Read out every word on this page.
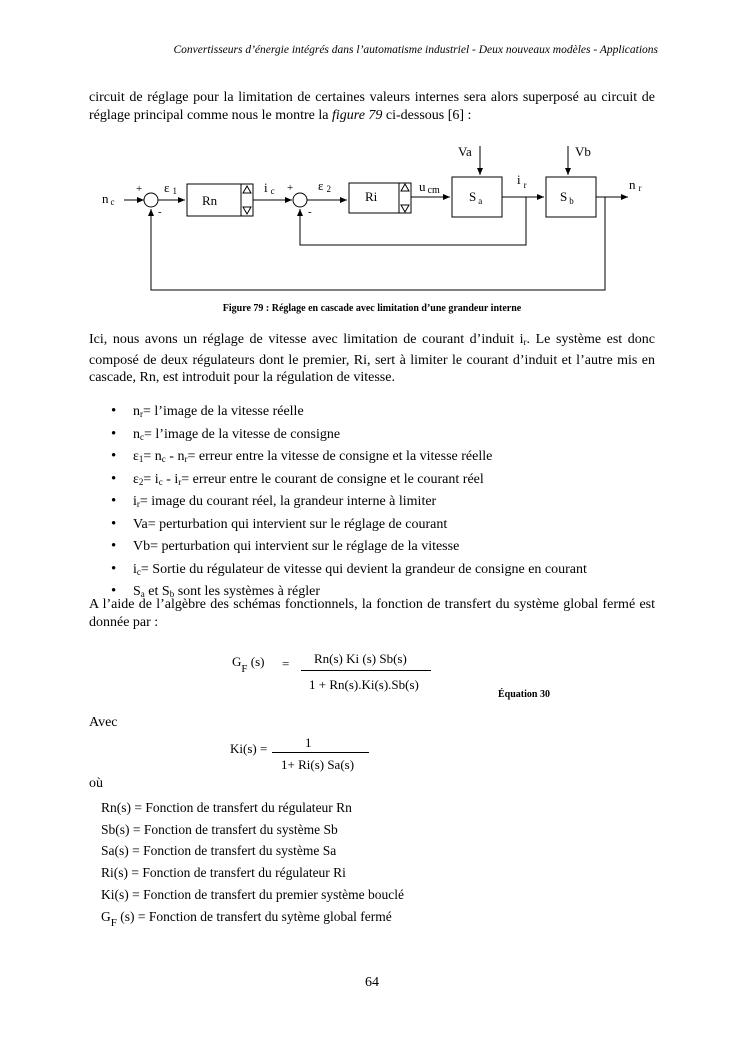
Convertisseurs d’énergie intégrés dans l’automatisme industriel - Deux nouveaux modèles - Applications
circuit de réglage pour la limitation de certaines valeurs internes sera alors superposé au circuit de réglage principal comme nous le montre la figure 79 ci-dessous [6] :
n c
+
-
ε 1
Rn
i c +
-
ε 2	Ri
u cm
Va	Vb
S $_a$
i $_r$
S $_b$
n r
Figure 79 : Réglage en cascade avec limitation d’une grandeur interne
Ici, nous avons un réglage de vitesse avec limitation de courant d’induit $i_r$. Le système est donc composé de deux régulateurs dont le premier, Ri, sert à limiter le courant d’induit et l’autre mis en cascade, Rn, est introduit pour la régulation de vitesse.
• $n_r=$ l’image de la vitesse réelle
• $n_c=$ l’image de la vitesse de consigne
• $\varepsilon_1= n_c - n_r=$ erreur entre la vitesse de consigne et la vitesse réelle
• $\varepsilon_2= i_c - i_r=$ erreur entre le courant de consigne et le courant réel
• $i_r=$ image du courant réel, la grandeur interne à limiter
• Va= perturbation qui intervient sur le réglage de courant
• Vb= perturbation qui intervient sur le réglage de la vitesse
• $i_c=$ Sortie du régulateur de vitesse qui devient la grandeur de consigne en courant
• $S_a$ et $S_b$ sont les systèmes à régler
A l’aide de l’algèbre des schémas fonctionnels, la fonction de transfert du système global fermé est donnée par :
$G_F$ (s) = Rn(s) Ki (s) Sb(s)
1 + Rn(s).Ki(s).Sb(s)
Équation 30
Avec
Ki(s) =	1
1+ Ri(s) Sa(s)
où
Rn(s) = Fonction de transfert du régulateur Rn
Sb(s) = Fonction de transfert du système Sb
Sa(s) = Fonction de transfert du système Sa
Ri(s) = Fonction de transfert du régulateur Ri
Ki(s) = Fonction de transfert du premier système bouclé
$G_F$ (s) = Fonction de transfert du sytème global fermé
64
